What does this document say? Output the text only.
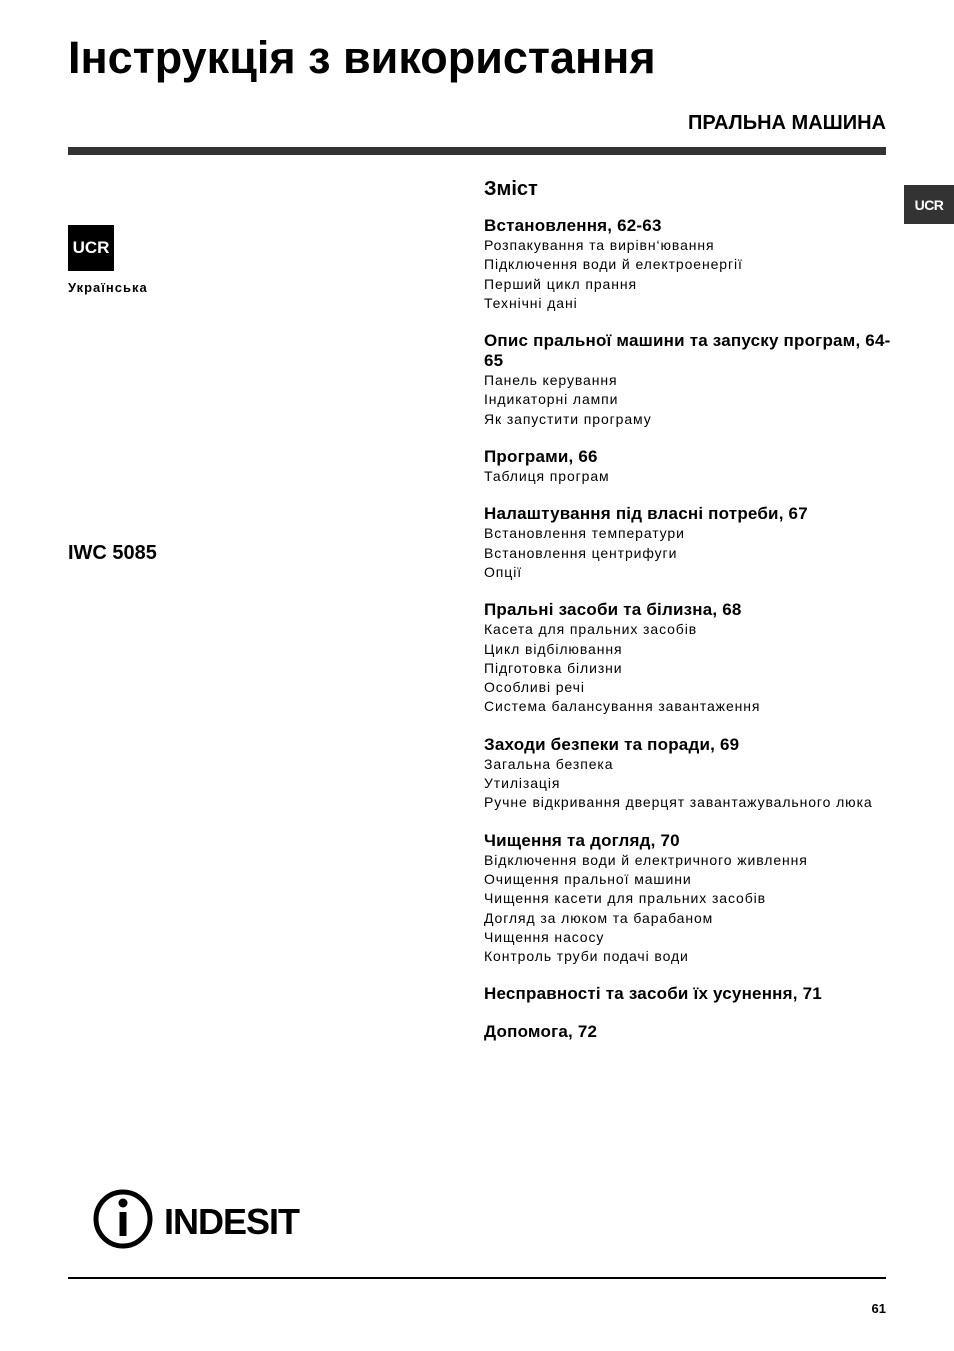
Інструкція з використання
ПРАЛЬНА МАШИНА
UCR
UCR
Українська
IWC 5085
Зміст
Встановлення, 62-63
Розпакування та вирівн‘ювання
Підключення води й електроенергії
Перший цикл прання
Технічні дані
Опис пральної машини та запуску програм, 64-65
Панель керування
Індикаторні лампи
Як запустити програму
Програми, 66
Таблиця програм
Налаштування під власні потреби, 67
Встановлення температури
Встановлення центрифуги
Опції
Пральні засоби та білизна, 68
Касета для пральних засобів
Цикл відбілювання
Підготовка білизни
Особливі речі
Система балансування завантаження
Заходи безпеки та поради, 69
Загальна безпека
Утилізація
Ручне відкривання дверцят завантажувального люка
Чищення та догляд, 70
Відключення води й електричного живлення
Очищення пральної машини
Чищення касети для пральних засобів
Догляд за люком та барабаном
Чищення насосу
Контроль труби подачі води
Несправності та засоби їх усунення, 71
Допомога, 72
INDESIT
61
